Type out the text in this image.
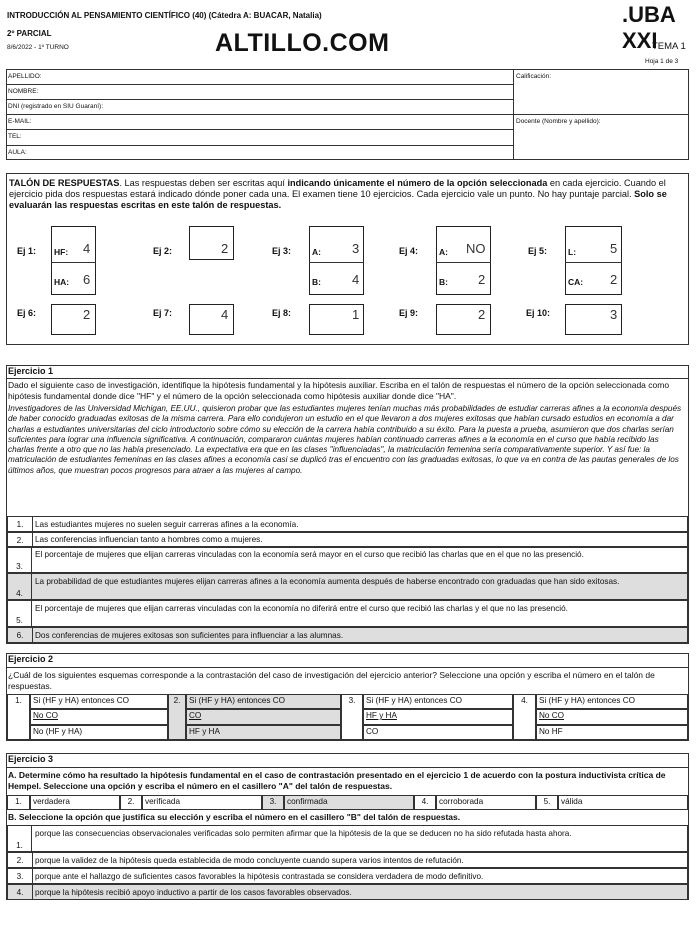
INTRODUCCIÓN AL PENSAMIENTO CIENTÍFICO (40) (Cátedra A: BUACAR, Natalia)
2º PARCIAL
8/6/2022 - 1º TURNO	ALTILLO.COM
.UBA XXI
TEMA 1
Hoja 1 de 3
APELLIDO:
NOMBRE:
DNI (registrado en SIU Guaraní):
E-MAIL:
TEL:
AULA:
Calificación:
Docente (Nombre y apellido):
TALÓN DE RESPUESTAS. Las respuestas deben ser escritas aquí indicando únicamente el número de la opción seleccionada en cada ejercicio. Cuando el ejercicio pida dos respuestas estará indicado dónde poner cada una. El examen tiene 10 ejercicios. Cada ejercicio vale un punto. No hay puntaje parcial. Solo se evaluarán las respuestas escritas en este talón de respuestas.
Ej 1: HF: 4
HA: 6
Ej 2:	2	Ej 3: A: 3
B: 4
Ej 4: A: NO
B: 2
Ej 5: L:	5
CA: 2
Ej 6:	2	Ej 7:	4	Ej 8:	1	Ej 9:	2	Ej 10:	3
Ejercicio 1
Dado el siguiente caso de investigación, identifique la hipótesis fundamental y la hipótesis auxiliar. Escriba en el talón de respuestas el número de la opción seleccionada como hipótesis fundamental donde dice "HF" y el número de la opción seleccionada como hipótesis auxiliar donde dice "HA".
Investigadores de las Universidad Michigan, EE.UU., quisieron probar que las estudiantes mujeres tenían muchas más probabilidades de estudiar carreras afines a la economía después de haber conocido graduadas exitosas de la misma carrera. Para ello condujeron un estudio en el que llevaron a dos mujeres exitosas que habían cursado estudios en economía a dar charlas a estudiantes universitarias del ciclo introductorio sobre cómo su elección de la carrera había contribuido a su éxito. Para la puesta a prueba, asumieron que dos charlas serían suficientes para lograr una influencia significativa. A continuación, compararon cuántas mujeres habían continuado carreras afines a la economía en el curso que había recibido las charlas frente a otro que no las había presenciado. La expectativa era que en las clases "influenciadas", la matriculación femenina sería comparativamente superior. Y así fue: la matriculación de estudiantes femeninas en las clases afines a economía casi se duplicó tras el encuentro con las graduadas exitosas, lo que va en contra de las pautas generales de los últimos años, que muestran pocos progresos para atraer a las mujeres al campo.
1.	Las estudiantes mujeres no suelen seguir carreras afines a la economía.
2.	Las conferencias influencian tanto a hombres como a mujeres.
3.
El porcentaje de mujeres que elijan carreras vinculadas con la economía será mayor en el curso que recibió las charlas que en el que no las presenció.
4.
La probabilidad de que estudiantes mujeres elijan carreras afines a la economía aumenta después de haberse encontrado con graduadas que han sido exitosas.
5.
El porcentaje de mujeres que elijan carreras vinculadas con la economía no diferirá entre el curso que recibió las charlas y el que no las presenció.
6.	Dos conferencias de mujeres exitosas son suficientes para influenciar a las alumnas.
Ejercicio 2
¿Cuál de los siguientes esquemas corresponde a la contrastación del caso de investigación del ejercicio anterior? Seleccione una opción y escriba el número en el talón de respuestas.
1.	Si (HF y HA) entonces CO
No CO
No (HF y HA)
2.	Si (HF y HA) entonces CO
CO
HF y HA
3.	Si (HF y HA) entonces CO
HF y HA
CO
4.	Si (HF y HA) entonces CO
No CO
No HF
Ejercicio 3
A. Determine cómo ha resultado la hipótesis fundamental en el caso de contrastación presentado en el ejercicio 1 de acuerdo con la postura inductivista crítica de Hempel. Seleccione una opción y escriba el número en el casillero "A" del talón de respuestas.
1.	verdadera	2.	verificada	3.	confirmada	4.	corroborada	5.	válida
B. Seleccione la opción que justifica su elección y escriba el número en el casillero "B" del talón de respuestas.
1.
porque las consecuencias observacionales verificadas solo permiten afirmar que la hipótesis de la que se deducen no ha sido refutada hasta ahora.
2.	porque la validez de la hipótesis queda establecida de modo concluyente cuando supera varios intentos de refutación.
3.	porque ante el hallazgo de suficientes casos favorables la hipótesis contrastada se considera verdadera de modo definitivo.
4.	porque la hipótesis recibió apoyo inductivo a partir de los casos favorables observados.
